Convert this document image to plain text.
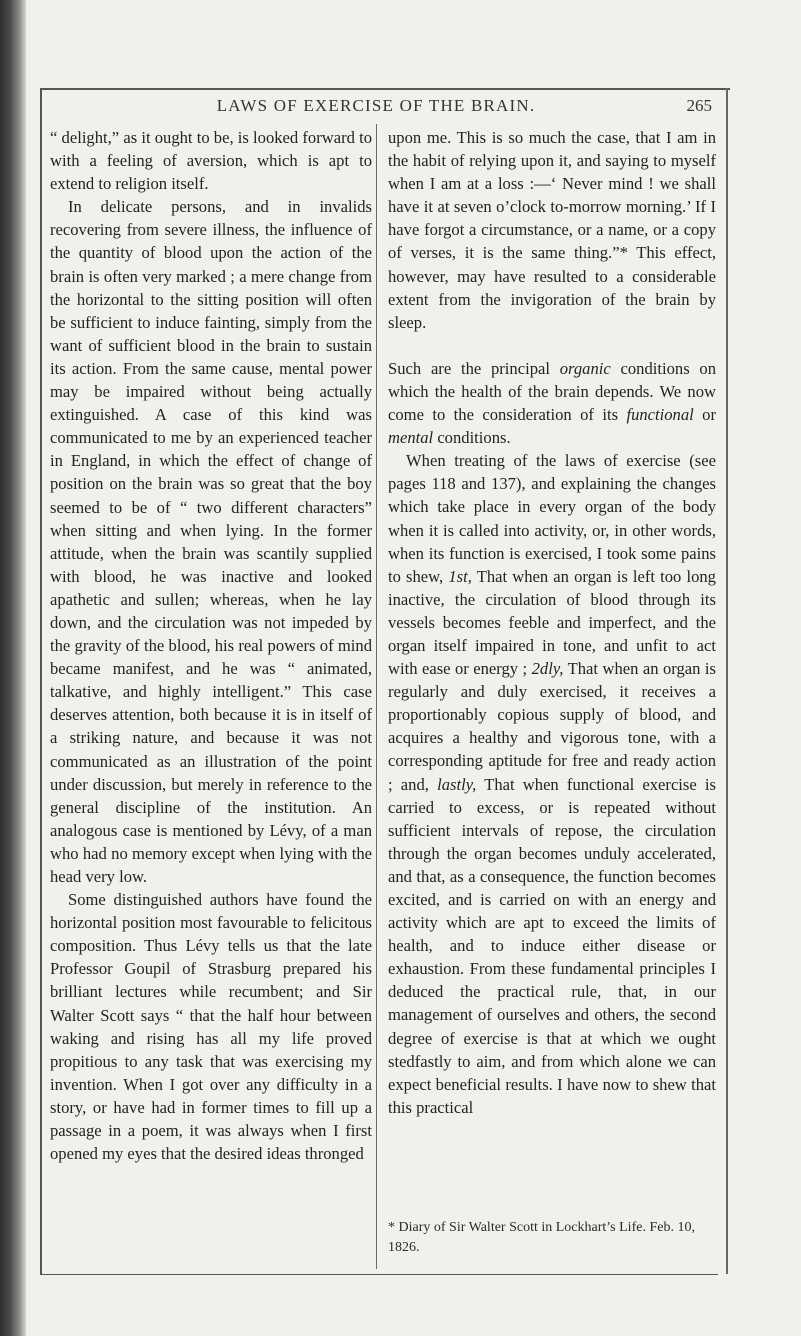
LAWS OF EXERCISE OF THE BRAIN.	265

“ delight,” as it ought to be, is looked forward to with a feeling of aversion, which is apt to extend to religion itself.

In delicate persons, and in invalids recovering from severe illness, the influence of the quantity of blood upon the action of the brain is often very marked ; a mere change from the horizontal to the sitting position will often be sufficient to induce fainting, simply from the want of sufficient blood in the brain to sustain its action. From the same cause, mental power may be impaired without being actually extinguished. A case of this kind was communicated to me by an experienced teacher in England, in which the effect of change of position on the brain was so great that the boy seemed to be of “ two different characters” when sitting and when lying. In the former attitude, when the brain was scantily supplied with blood, he was inactive and looked apathetic and sullen; whereas, when he lay down, and the circulation was not impeded by the gravity of the blood, his real powers of mind became manifest, and he was “ animated, talkative, and highly intelligent.” This case deserves attention, both because it is in itself of a striking nature, and because it was not communicated as an illustration of the point under discussion, but merely in reference to the general discipline of the institution. An analogous case is mentioned by Lévy, of a man who had no memory except when lying with the head very low.

Some distinguished authors have found the horizontal position most favourable to felicitous composition. Thus Lévy tells us that the late Professor Goupil of Strasburg prepared his brilliant lectures while recumbent; and Sir Walter Scott says “ that the half hour between waking and rising has all my life proved propitious to any task that was exercising my invention. When I got over any difficulty in a story, or have had in former times to fill up a passage in a poem, it was always when I first opened my eyes that the desired ideas thronged

upon me. This is so much the case, that I am in the habit of relying upon it, and saying to myself when I am at a loss :—‘ Never mind ! we shall have it at seven o’clock to-morrow morning.’ If I have forgot a circumstance, or a name, or a copy of verses, it is the same thing.”* This effect, however, may have resulted to a considerable extent from the invigoration of the brain by sleep.

Such are the principal organic conditions on which the health of the brain depends. We now come to the consideration of its functional or mental conditions.

When treating of the laws of exercise (see pages 118 and 137), and explaining the changes which take place in every organ of the body when it is called into activity, or, in other words, when its function is exercised, I took some pains to shew, 1st, That when an organ is left too long inactive, the circulation of blood through its vessels becomes feeble and imperfect, and the organ itself impaired in tone, and unfit to act with ease or energy ; 2dly, That when an organ is regularly and duly exercised, it receives a proportionably copious supply of blood, and acquires a healthy and vigorous tone, with a corresponding aptitude for free and ready action ; and, lastly, That when functional exercise is carried to excess, or is repeated without sufficient intervals of repose, the circulation through the organ becomes unduly accelerated, and that, as a consequence, the function becomes excited, and is carried on with an energy and activity which are apt to exceed the limits of health, and to induce either disease or exhaustion. From these fundamental principles I deduced the practical rule, that, in our management of ourselves and others, the second degree of exercise is that at which we ought stedfastly to aim, and from which alone we can expect beneficial results. I have now to shew that this practical

* Diary of Sir Walter Scott in Lockhart’s Life. Feb. 10, 1826.
